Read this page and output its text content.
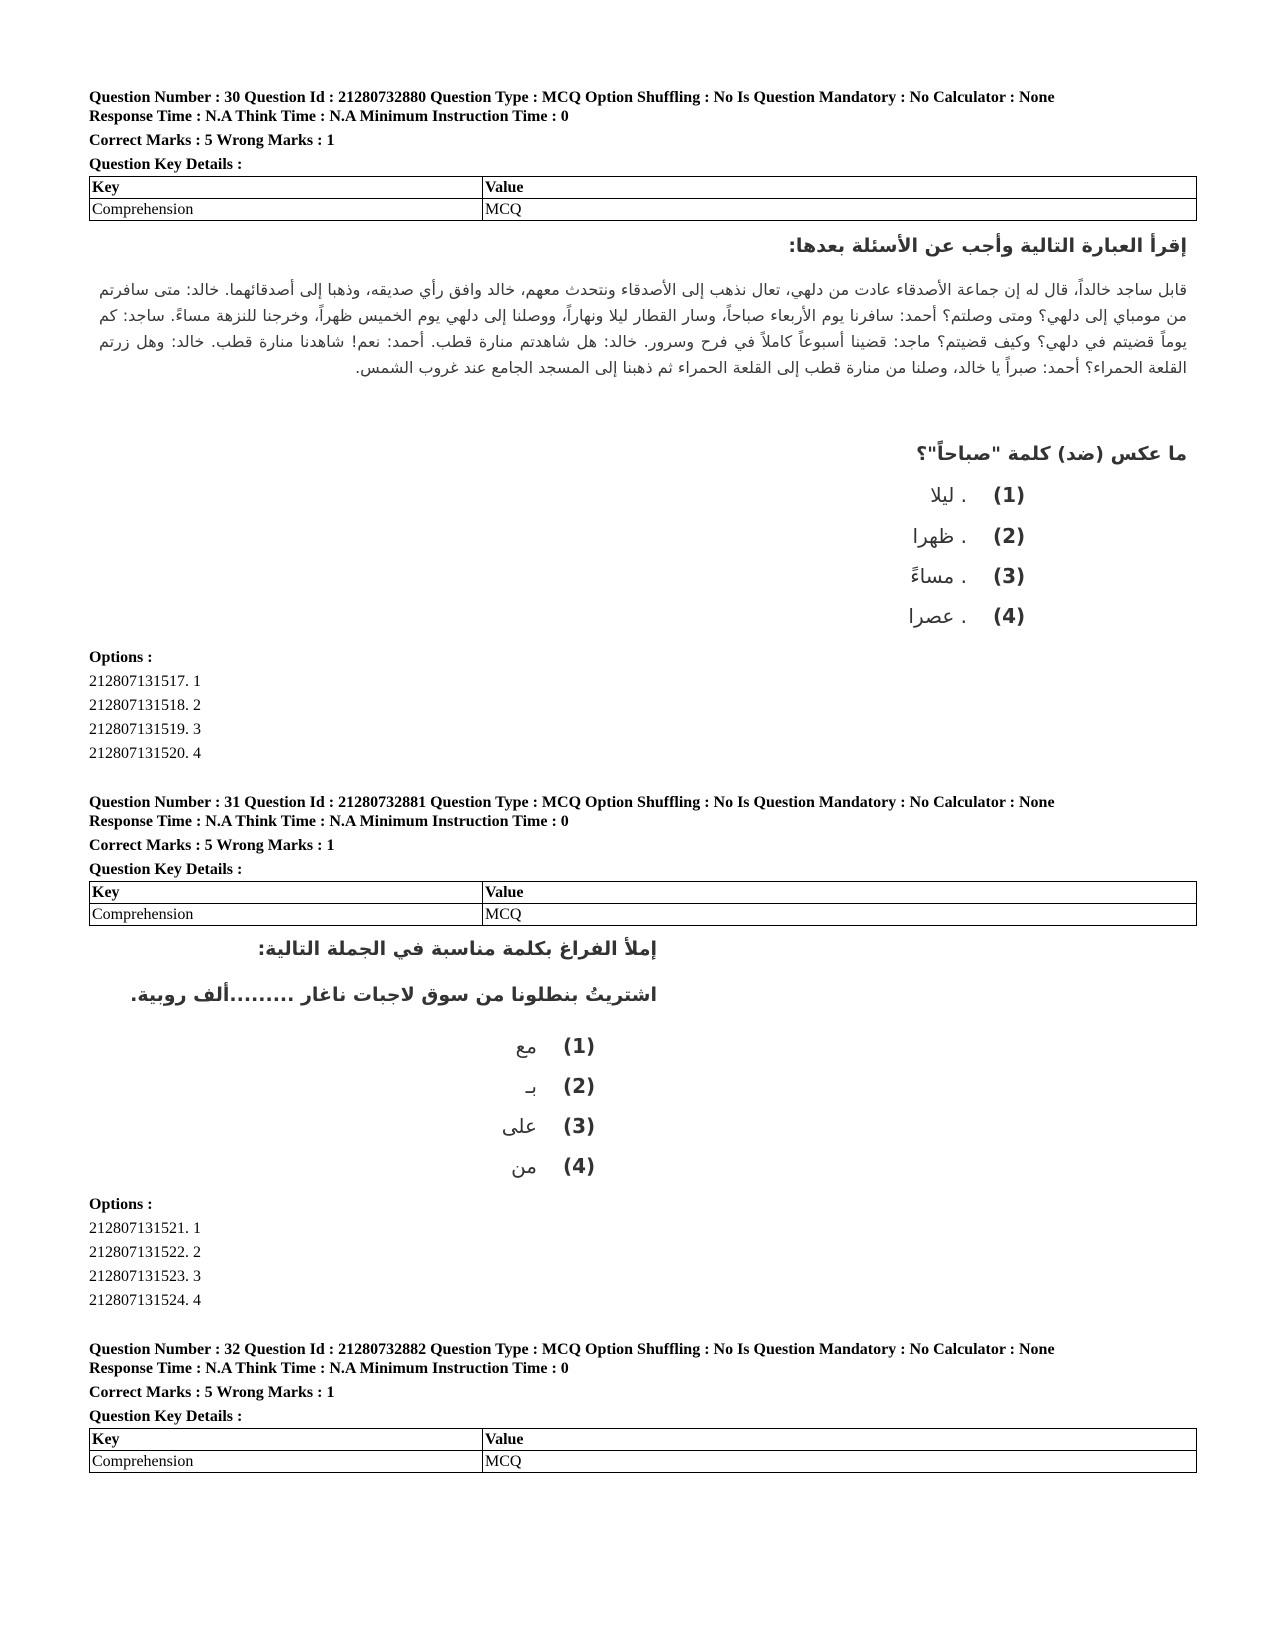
Question Number : 30 Question Id : 21280732880 Question Type : MCQ Option Shuffling : No Is Question Mandatory : No Calculator : None
Response Time : N.A Think Time : N.A Minimum Instruction Time : 0
Correct Marks : 5 Wrong Marks : 1
Question Key Details :
Key	Value
Comprehension	MCQ
إقرأ العبارة التالية وأجب عن الأسئلة بعدها:
قابل ساجد خالداً، قال له إن جماعة الأصدقاء عادت من دلهي، تعال نذهب إلى الأصدقاء ونتحدث معهم، خالد وافق رأي صديقه، وذهبا إلى أصدقائهما. خالد: متى سافرتم من مومباي إلى دلهي؟ ومتى وصلتم؟ أحمد: سافرنا يوم الأربعاء صباحاً، وسار القطار ليلا ونهاراً، ووصلنا إلى دلهي يوم الخميس ظهراً، وخرجنا للنزهة مساءً. ساجد: كم يوماً قضيتم في دلهي؟ وكيف قضيتم؟ ماجد: قضينا أسبوعاً كاملاً في فرح وسرور. خالد: هل شاهدتم منارة قطب. أحمد: نعم! شاهدنا منارة قطب. خالد: وهل زرتم القلعة الحمراء؟ أحمد: صبراً يا خالد، وصلنا من منارة قطب إلى القلعة الحمراء ثم ذهبنا إلى المسجد الجامع عند غروب الشمس.
ما عكس (ضد) كلمة "صباحاً"؟
ليلا . (1)
ظهرا . (2)
مساءً . (3)
عصرا . (4)
Options :
212807131517. 1
212807131518. 2
212807131519. 3
212807131520. 4
Question Number : 31 Question Id : 21280732881 Question Type : MCQ Option Shuffling : No Is Question Mandatory : No Calculator : None
Response Time : N.A Think Time : N.A Minimum Instruction Time : 0
Correct Marks : 5 Wrong Marks : 1
Question Key Details :
Key	Value
Comprehension	MCQ
إملأ الفراغ بكلمة مناسبة في الجملة التالية:
اشتريتُ بنطلونا من سوق لاجبات ناغار .........ألف روبية.
مع (1)
بـ (2)
على (3)
من (4)
Options :
212807131521. 1
212807131522. 2
212807131523. 3
212807131524. 4
Question Number : 32 Question Id : 21280732882 Question Type : MCQ Option Shuffling : No Is Question Mandatory : No Calculator : None
Response Time : N.A Think Time : N.A Minimum Instruction Time : 0
Correct Marks : 5 Wrong Marks : 1
Question Key Details :
Key	Value
Comprehension	MCQ
